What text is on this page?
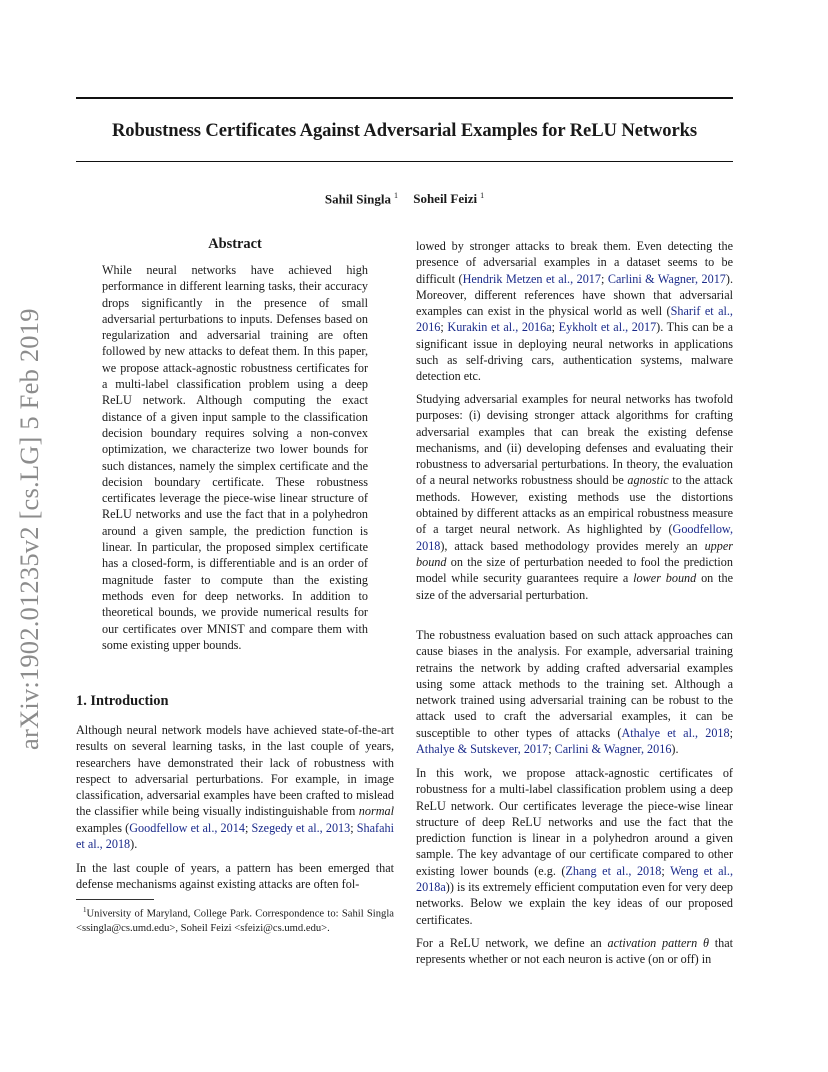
Robustness Certificates Against Adversarial Examples for ReLU Networks
Sahil Singla $^1$ Soheil Feizi $^1$
arXiv:1902.01235v2 [cs.LG] 5 Feb 2019
Abstract

While neural networks have achieved high performance in different learning tasks, their accuracy drops significantly in the presence of small adversarial perturbations to inputs. Defenses based on regularization and adversarial training are often followed by new attacks to defeat them. In this paper, we propose attack-agnostic robustness certificates for a multi-label classification problem using a deep ReLU network. Although computing the exact distance of a given input sample to the classification decision boundary requires solving a non-convex optimization, we characterize two lower bounds for such distances, namely the simplex certificate and the decision boundary certificate. These robustness certificates leverage the piece-wise linear structure of ReLU networks and use the fact that in a polyhedron around a given sample, the prediction function is linear. In particular, the proposed simplex certificate has a closed-form, is differentiable and is an order of magnitude faster to compute than the existing methods even for deep networks. In addition to theoretical bounds, we provide numerical results for our certificates over MNIST and compare them with some existing upper bounds.

1. Introduction

Although neural network models have achieved state-of-the-art results on several learning tasks, in the last couple of years, researchers have demonstrated their lack of robustness with respect to adversarial perturbations. For example, in image classification, adversarial examples have been crafted to mislead the classifier while being visually indistinguishable from normal examples (Goodfellow et al., 2014; Szegedy et al., 2013; Shafahi et al., 2018).

In the last couple of years, a pattern has been emerged that defense mechanisms against existing attacks are often fol-

$^1$University of Maryland, College Park. Correspondence to: Sahil Singla <ssingla@cs.umd.edu>, Soheil Feizi <sfeizi@cs.umd.edu>.

lowed by stronger attacks to break them. Even detecting the presence of adversarial examples in a dataset seems to be difficult (Hendrik Metzen et al., 2017; Carlini & Wagner, 2017). Moreover, different references have shown that adversarial examples can exist in the physical world as well (Sharif et al., 2016; Kurakin et al., 2016a; Eykholt et al., 2017). This can be a significant issue in deploying neural networks in applications such as self-driving cars, authentication systems, malware detection etc.

Studying adversarial examples for neural networks has twofold purposes: (i) devising stronger attack algorithms for crafting adversarial examples that can break the existing defense mechanisms, and (ii) developing defenses and evaluating their robustness to adversarial perturbations. In theory, the evaluation of a neural networks robustness should be agnostic to the attack methods. However, existing methods use the distortions obtained by different attacks as an empirical robustness measure of a target neural network. As highlighted by (Goodfellow, 2018), attack based methodology provides merely an upper bound on the size of perturbation needed to fool the prediction model while security guarantees require a lower bound on the size of the adversarial perturbation.

The robustness evaluation based on such attack approaches can cause biases in the analysis. For example, adversarial training retrains the network by adding crafted adversarial examples using some attack methods to the training set. Although a network trained using adversarial training can be robust to the attack used to craft the adversarial examples, it can be susceptible to other types of attacks (Athalye et al., 2018; Athalye & Sutskever, 2017; Carlini & Wagner, 2016).

In this work, we propose attack-agnostic certificates of robustness for a multi-label classification problem using a deep ReLU network. Our certificates leverage the piece-wise linear structure of deep ReLU networks and use the fact that the prediction function is linear in a polyhedron around a given sample. The key advantage of our certificate compared to other existing lower bounds (e.g. (Zhang et al., 2018; Weng et al., 2018a)) is its extremely efficient computation even for very deep networks. Below we explain the key ideas of our proposed certificates.

For a ReLU network, we define an activation pattern θ that represents whether or not each neuron is active (on or off) in
